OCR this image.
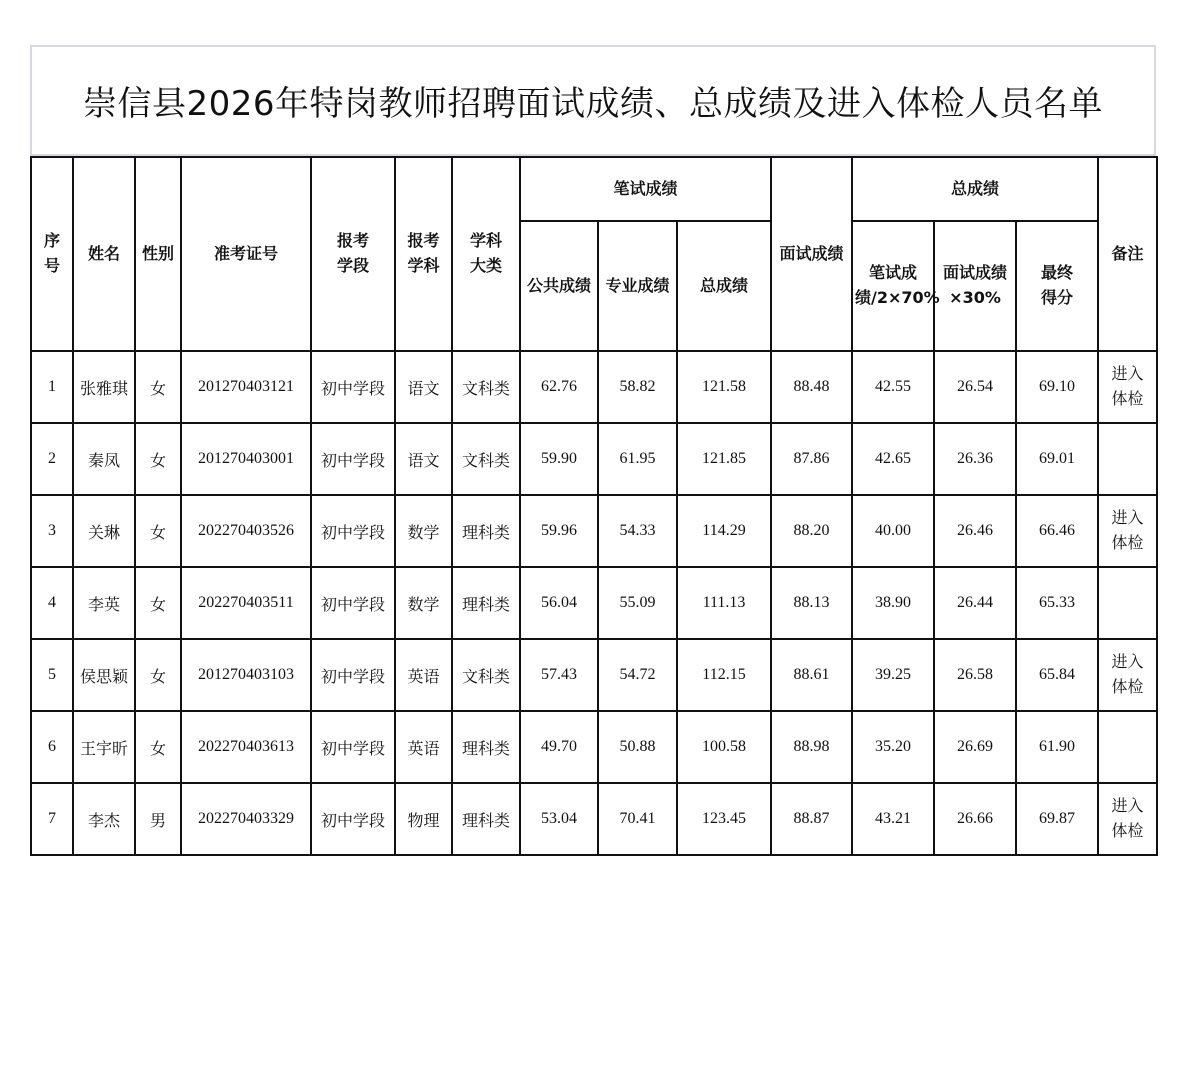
崇信县2026年特岗教师招聘面试成绩、总成绩及进入体检人员名单
序号	姓名	性别	准考证号	报考学段	报考学科	学科大类	笔试成绩			面试成绩	总成绩			备注
							公共成绩	专业成绩	总成绩		笔试成绩/2×70%	面试成绩×30%	最终得分	

1	张雅琪	女	201270403121	初中学段	语文	文科类	62.76	58.82	121.58	88.48	42.55	26.54	69.10	进入体检

2	秦凤	女	201270403001	初中学段	语文	文科类	59.90	61.95	121.85	87.86	42.65	26.36	69.01	

3	关琳	女	202270403526	初中学段	数学	理科类	59.96	54.33	114.29	88.20	40.00	26.46	66.46	进入体检

4	李英	女	202270403511	初中学段	数学	理科类	56.04	55.09	111.13	88.13	38.90	26.44	65.33	

5	侯思颖	女	201270403103	初中学段	英语	文科类	57.43	54.72	112.15	88.61	39.25	26.58	65.84	进入体检

6	王宇昕	女	202270403613	初中学段	英语	理科类	49.70	50.88	100.58	88.98	35.20	26.69	61.90	

7	李杰	男	202270403329	初中学段	物理	理科类	53.04	70.41	123.45	88.87	43.21	26.66	69.87	进入体检
